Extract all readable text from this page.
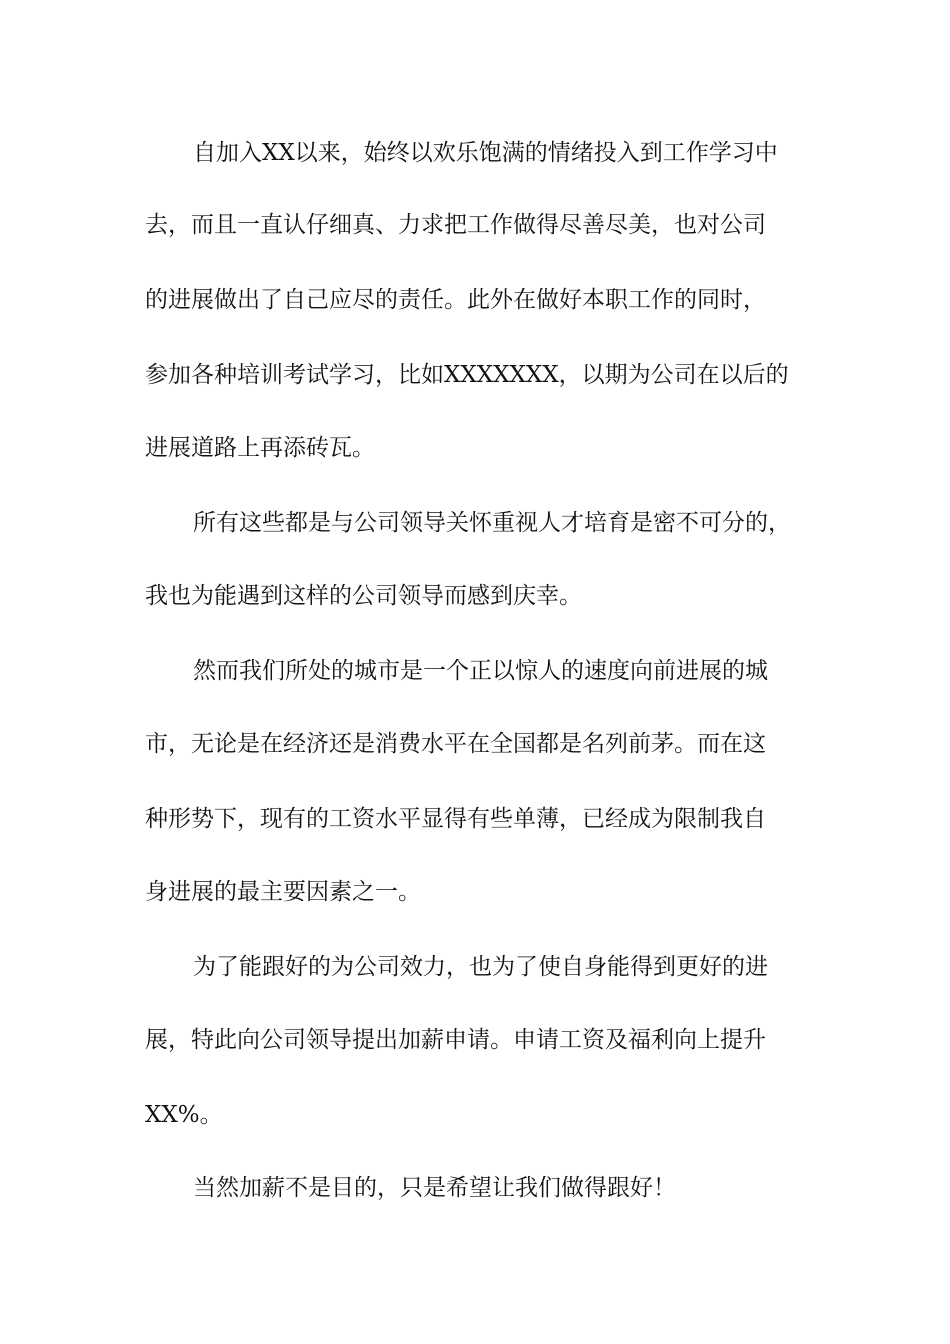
自加入XX以来，始终以欢乐饱满的情绪投入到工作学习中
去，而且一直认仔细真、力求把工作做得尽善尽美，也对公司
的进展做出了自己应尽的责任。此外在做好本职工作的同时，
参加各种培训考试学习，比如XXXXXXX，以期为公司在以后的
进展道路上再添砖瓦。
所有这些都是与公司领导关怀重视人才培育是密不可分的，
我也为能遇到这样的公司领导而感到庆幸。
然而我们所处的城市是一个正以惊人的速度向前进展的城
市，无论是在经济还是消费水平在全国都是名列前茅。而在这
种形势下，现有的工资水平显得有些单薄，已经成为限制我自
身进展的最主要因素之一。
为了能跟好的为公司效力，也为了使自身能得到更好的进
展，特此向公司领导提出加薪申请。申请工资及福利向上提升
XX%。
当然加薪不是目的，只是希望让我们做得跟好！
